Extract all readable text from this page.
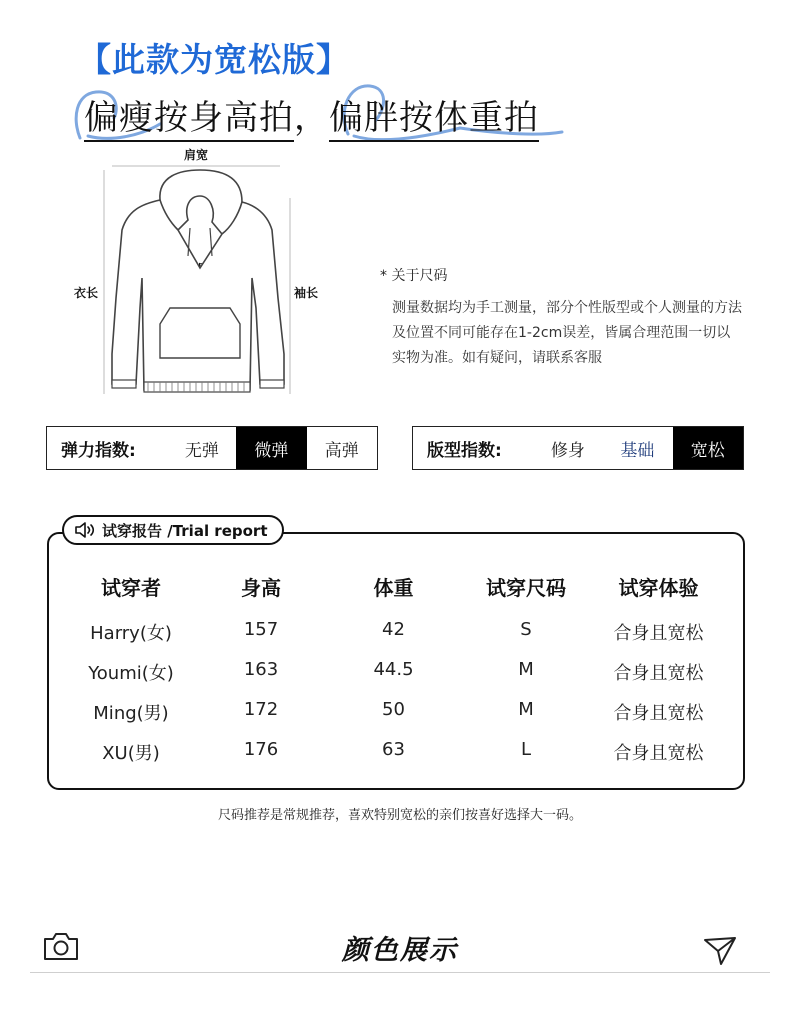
【此款为宽松版】
偏瘦按身高拍，偏胖按体重拍
肩宽
衣长	袖长
* 关于尺码
测量数据均为手工测量，部分个性版型或个人测量的方法及位置不同可能存在1-2cm误差，皆属合理范围一切以实物为准。如有疑问，请联系客服
弹力指数:	无弹	微弹	高弹	版型指数:	修身	基础	宽松
试穿报告 /Trial report
试穿者	身高	体重	试穿尺码	试穿体验
Harry(女)	157	42	S	合身且宽松
Youmi(女)	163	44.5	M	合身且宽松
Ming(男)	172	50	M	合身且宽松
XU(男)	176	63	L	合身且宽松
尺码推荐是常规推荐，喜欢特别宽松的亲们按喜好选择大一码。
颜色展示
